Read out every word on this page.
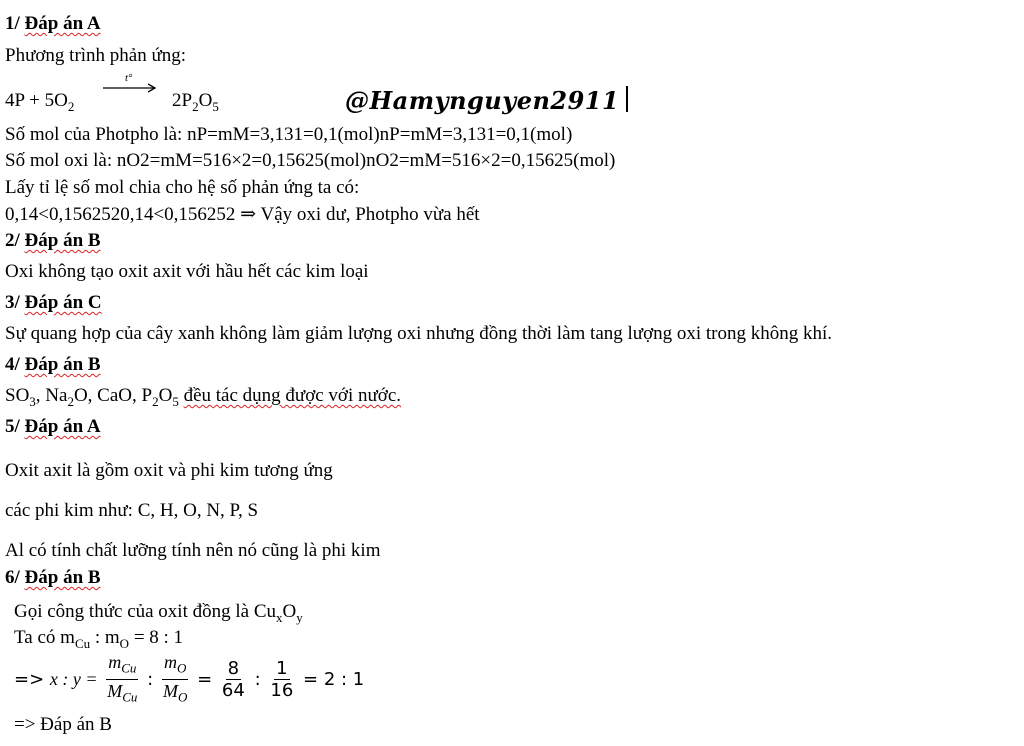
1/ Đáp án A
Phương trình phản ứng:
$4P + 5O_2$
t°
$2P_2O_5$	@Hamynguyen2911
Số mol của Photpho là: nP=mM=3,131=0,1(mol)nP=mM=3,131=0,1(mol)
Số mol oxi là: nO2=mM=516×2=0,15625(mol)nO2=mM=516×2=0,15625(mol)
Lấy tỉ lệ số mol chia cho hệ số phản ứng ta có:
0,14<0,1562520,14<0,156252 ⇒ Vậy oxi dư, Photpho vừa hết
2/ Đáp án B
Oxi không tạo oxit axit với hầu hết các kim loại
3/ Đáp án C
Sự quang hợp của cây xanh không làm giảm lượng oxi nhưng đồng thời làm tang lượng oxi trong không khí.
4/ Đáp án B
$SO_3$, $Na_2O$, CaO, $P_2O_5$ đều tác dụng được với nước.
5/ Đáp án A
Oxit axit là gồm oxit và phi kim tương ứng
các phi kim như: C, H, O, N, P, S
Al có tính chất lưỡng tính nên nó cũng là phi kim
6/ Đáp án B
Gọi công thức của oxit đồng là $Cu_xO_y$
Ta có $m_{Cu}$ : $m_O = 8$ : 1
=> x : $y = \frac{m_{Cu}}{M_{Cu}}$ : $\frac{m_O}{M_O} = \frac{8}{64}$ : $\frac{1}{16} = 2$ : 1
=> Đáp án B
